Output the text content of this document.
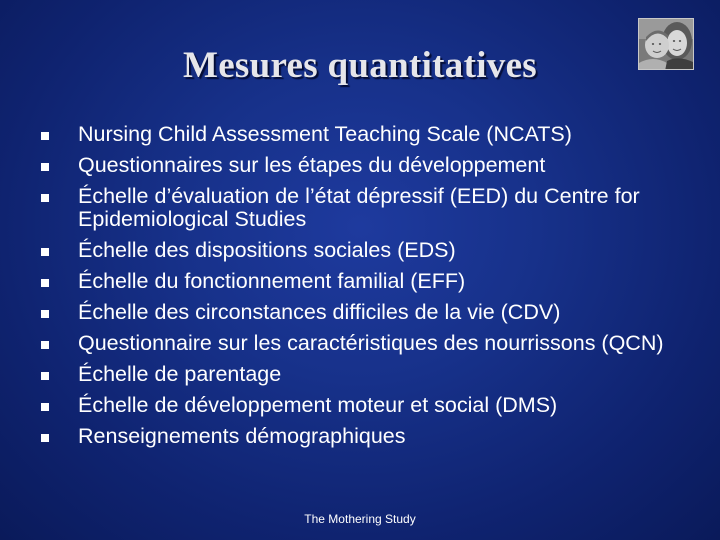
Mesures quantitatives
Nursing Child Assessment Teaching Scale (NCATS)
Questionnaires sur les étapes du développement
Échelle d’évaluation de l’état dépressif (EED) du Centre for Epidemiological Studies
Échelle des dispositions sociales (EDS)
Échelle du fonctionnement familial (EFF)
Échelle des circonstances difficiles de la vie (CDV)
Questionnaire sur les caractéristiques des nourrissons (QCN)
Échelle de parentage
Échelle de développement moteur et social (DMS)
Renseignements démographiques
The Mothering Study
